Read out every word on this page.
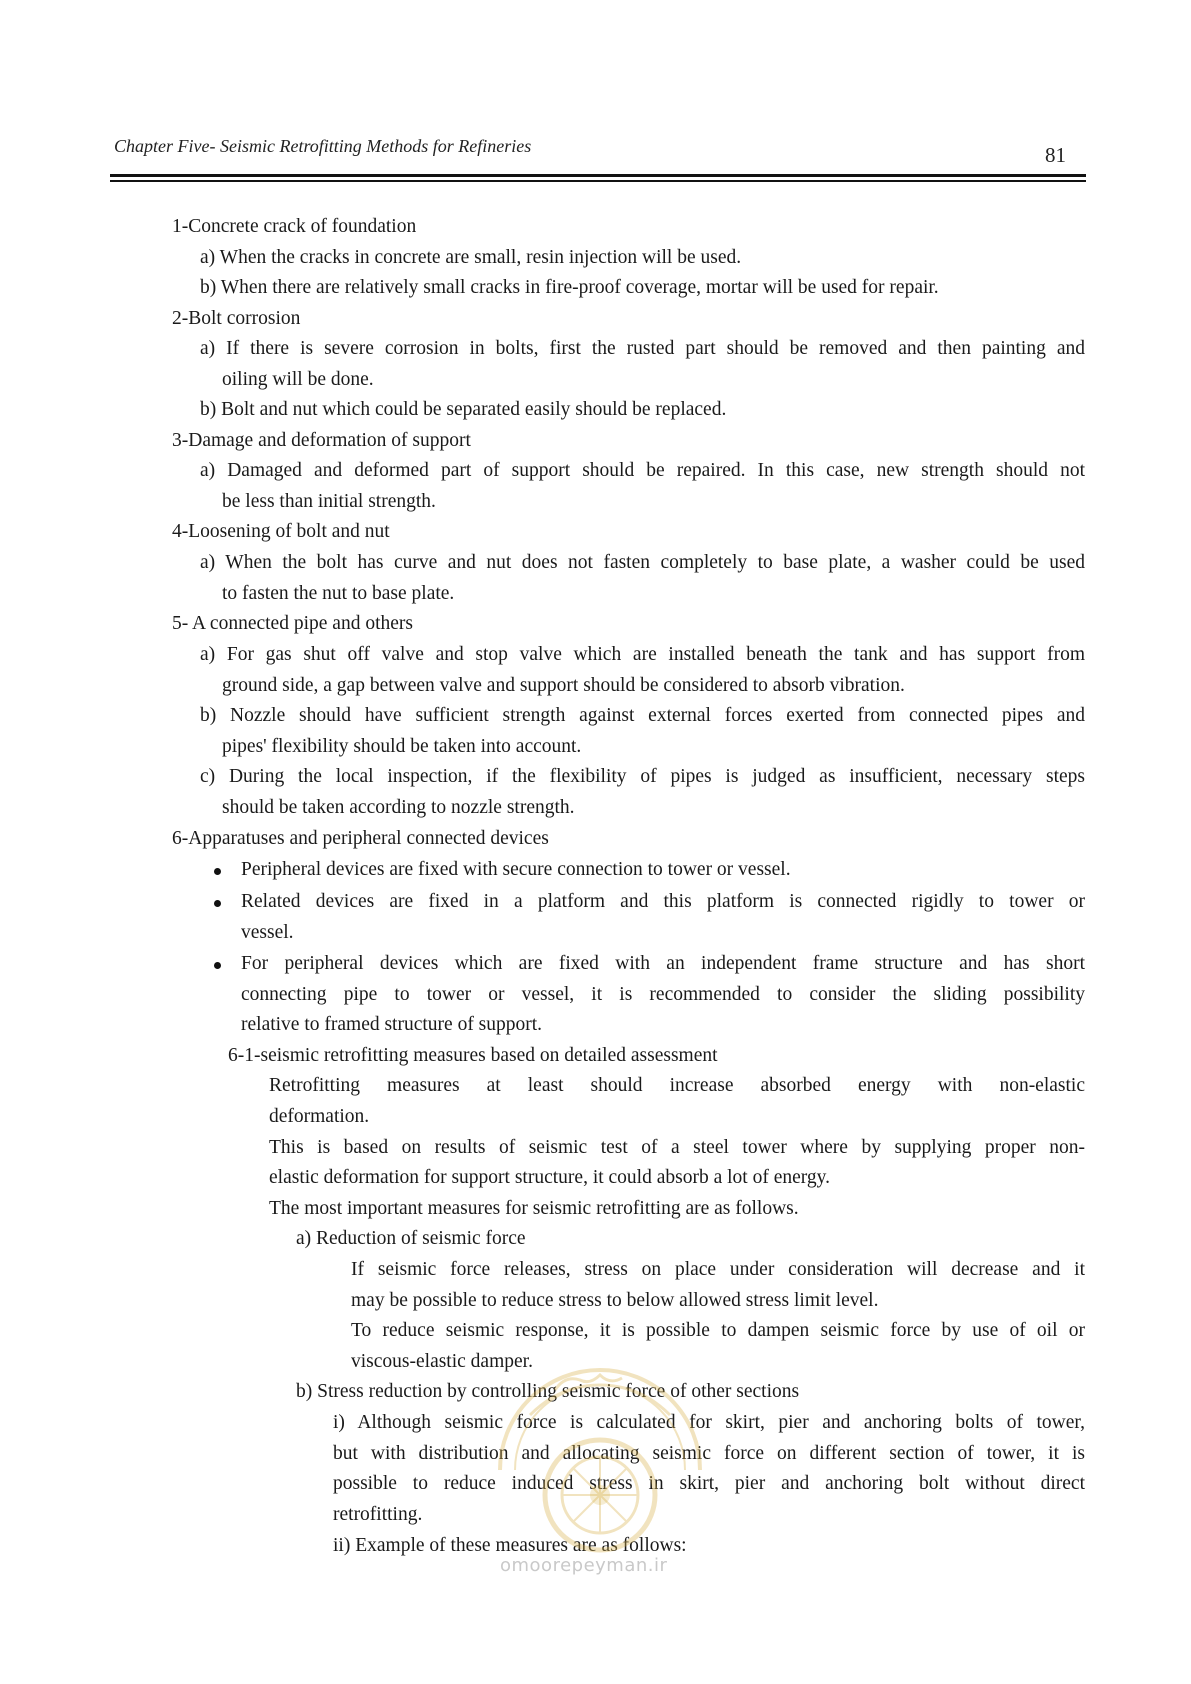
Chapter Five- Seismic Retrofitting Methods for Refineries	81
1-Concrete crack of foundation
a) When the cracks in concrete are small, resin injection will be used.
b) When there are relatively small cracks in fire-proof coverage, mortar will be used for repair.
2-Bolt corrosion
a) If there is severe corrosion in bolts, first the rusted part should be removed and then painting and
oiling will be done.
b) Bolt and nut which could be separated easily should be replaced.
3-Damage and deformation of support
a) Damaged and deformed part of support should be repaired. In this case, new strength should not
be less than initial strength.
4-Loosening of bolt and nut
a) When the bolt has curve and nut does not fasten completely to base plate, a washer could be used
to fasten the nut to base plate.
5- A connected pipe and others
a) For gas shut off valve and stop valve which are installed beneath the tank and has support from
ground side, a gap between valve and support should be considered to absorb vibration.
b) Nozzle should have sufficient strength against external forces exerted from connected pipes and
pipes' flexibility should be taken into account.
c) During the local inspection, if the flexibility of pipes is judged as insufficient, necessary steps
should be taken according to nozzle strength.
6-Apparatuses and peripheral connected devices
Peripheral devices are fixed with secure connection to tower or vessel.
Related devices are fixed in a platform and this platform is connected rigidly to tower or
vessel.
For peripheral devices which are fixed with an independent frame structure and has short
connecting pipe to tower or vessel, it is recommended to consider the sliding possibility
relative to framed structure of support.
6-1-seismic retrofitting measures based on detailed assessment
Retrofitting measures at least should increase absorbed energy with non-elastic
deformation.
This is based on results of seismic test of a steel tower where by supplying proper non-
elastic deformation for support structure, it could absorb a lot of energy.
The most important measures for seismic retrofitting are as follows.
a) Reduction of seismic force
If seismic force releases, stress on place under consideration will decrease and it
may be possible to reduce stress to below allowed stress limit level.
To reduce seismic response, it is possible to dampen seismic force by use of oil or
viscous-elastic damper.
b) Stress reduction by controlling seismic force of other sections
i) Although seismic force is calculated for skirt, pier and anchoring bolts of tower,
but with distribution and allocating seismic force on different section of tower, it is
possible to reduce induced stress in skirt, pier and anchoring bolt without direct
retrofitting.
ii) Example of these measures are as follows:
omoorepeyman.ir
